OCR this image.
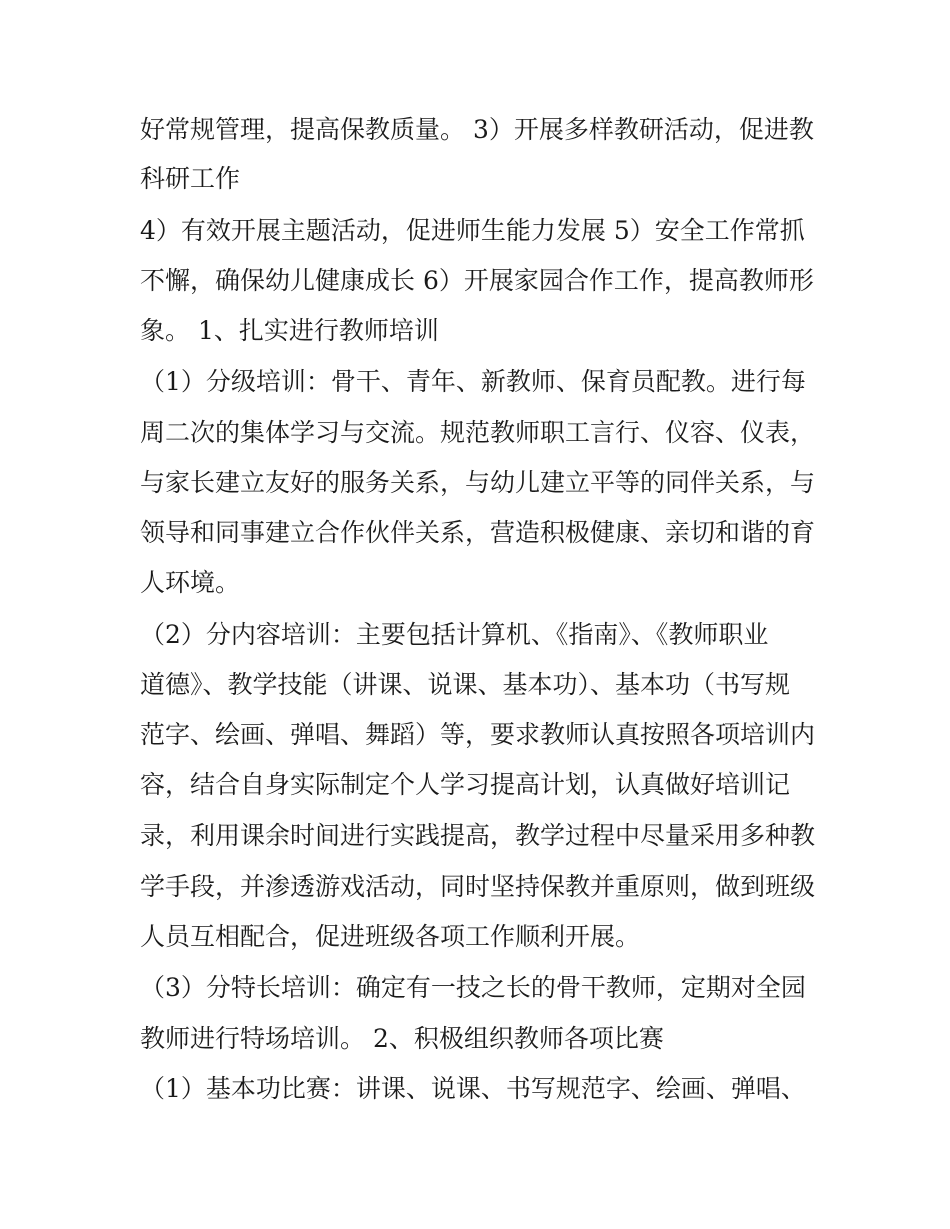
好常规管理，提高保教质量。 3）开展多样教研活动，促进教
科研工作
4）有效开展主题活动，促进师生能力发展 5）安全工作常抓
不懈，确保幼儿健康成长 6）开展家园合作工作，提高教师形
象。 1、扎实进行教师培训
（1）分级培训：骨干、青年、新教师、保育员配教。进行每
周二次的集体学习与交流。规范教师职工言行、仪容、仪表，
与家长建立友好的服务关系，与幼儿建立平等的同伴关系，与
领导和同事建立合作伙伴关系，营造积极健康、亲切和谐的育
人环境。
（2）分内容培训：主要包括计算机、《指南》、《教师职业
道德》、教学技能（讲课、说课、基本功）、基本功（书写规
范字、绘画、弹唱、舞蹈）等，要求教师认真按照各项培训内
容，结合自身实际制定个人学习提高计划，认真做好培训记
录，利用课余时间进行实践提高，教学过程中尽量采用多种教
学手段，并渗透游戏活动，同时坚持保教并重原则，做到班级
人员互相配合，促进班级各项工作顺利开展。
（3）分特长培训：确定有一技之长的骨干教师，定期对全园
教师进行特场培训。 2、积极组织教师各项比赛
（1）基本功比赛：讲课、说课、书写规范字、绘画、弹唱、
